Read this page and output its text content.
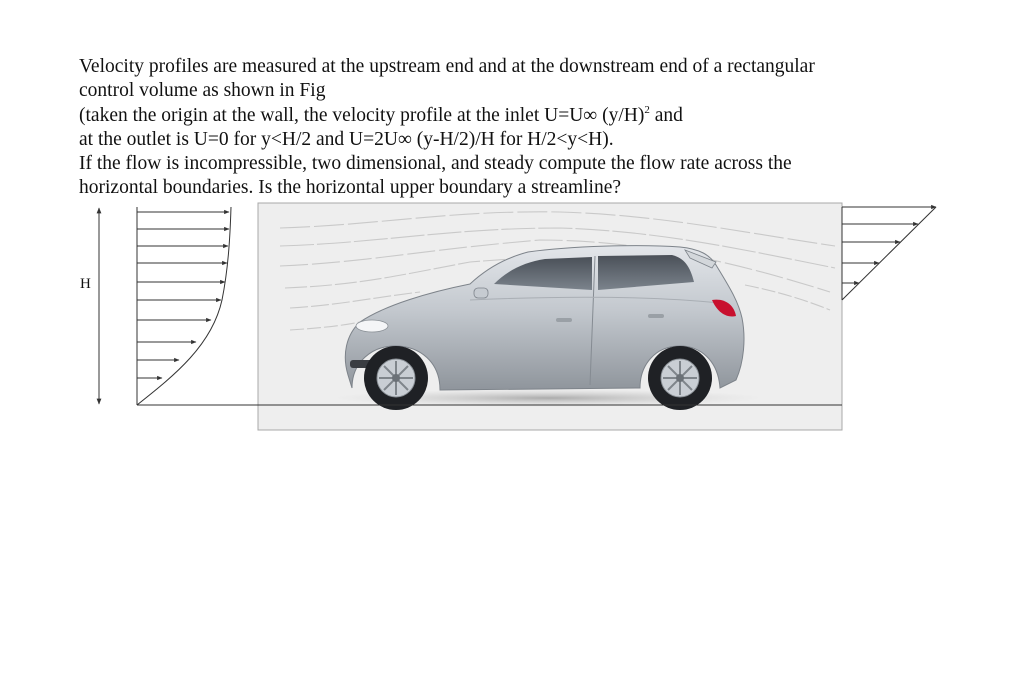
Velocity profiles are measured at the upstream end and at the downstream end of a rectangular
control volume as shown in Fig
(taken the origin at the wall, the velocity profile at the inlet U=U∞ $(y/H)^2$ and
at the outlet is U=0 for y<H/2 and U=2U∞ (y-H/2)/H for H/2<y<H).
If the flow is incompressible, two dimensional, and steady compute the flow rate across the
horizontal boundaries. Is the horizontal upper boundary a streamline?
H
